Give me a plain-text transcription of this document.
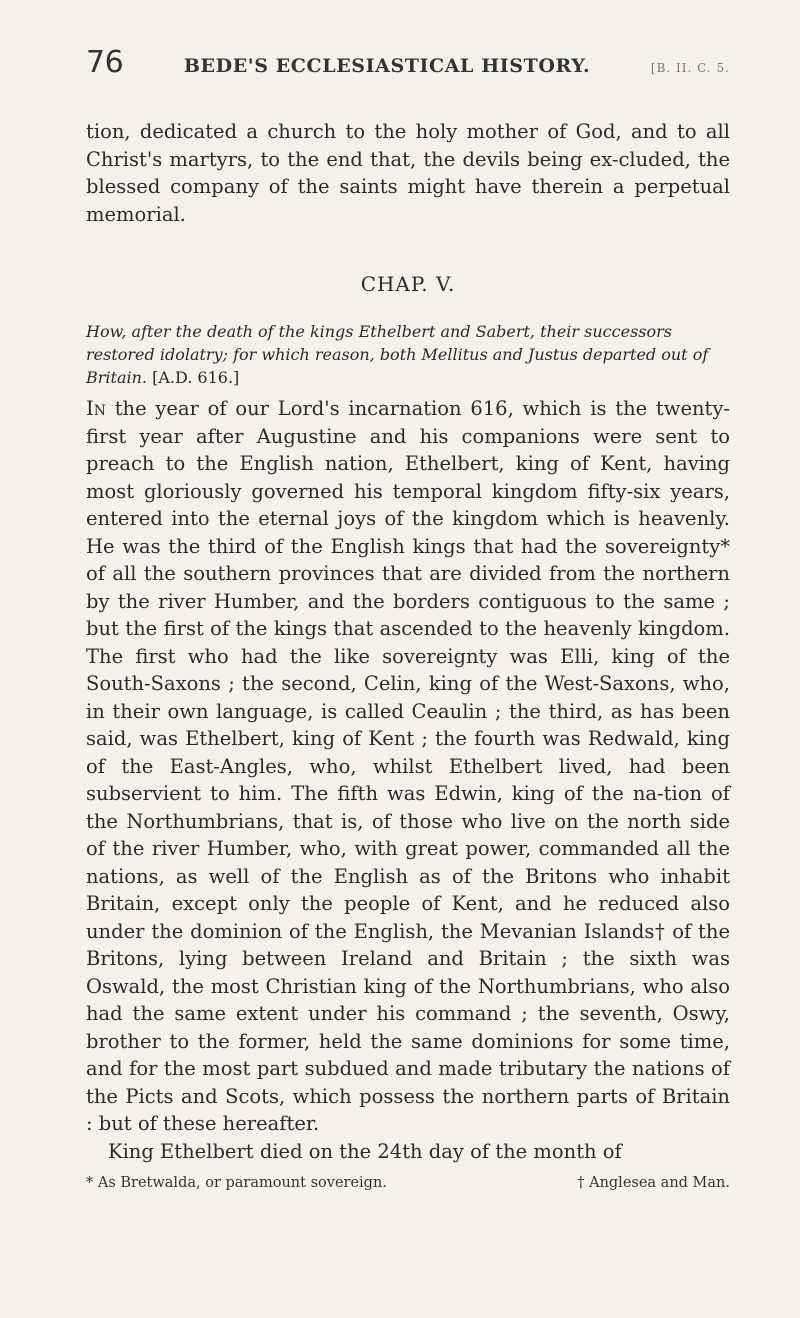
76	BEDE'S ECCLESIASTICAL HISTORY.	[B. II. C. 5.

tion, dedicated a church to the holy mother of God, and to all Christ's martyrs, to the end that, the devils being ex-cluded, the blessed company of the saints might have therein a perpetual memorial.

CHAP. V.

How, after the death of the kings Ethelbert and Sabert, their successors restored idolatry; for which reason, both Mellitus and Justus departed out of Britain. [A.D. 616.]

In the year of our Lord's incarnation 616, which is the twenty-first year after Augustine and his companions were sent to preach to the English nation, Ethelbert, king of Kent, having most gloriously governed his temporal kingdom fifty-six years, entered into the eternal joys of the kingdom which is heavenly. He was the third of the English kings that had the sovereignty* of all the southern provinces that are divided from the northern by the river Humber, and the borders contiguous to the same ; but the first of the kings that ascended to the heavenly kingdom. The first who had the like sovereignty was Elli, king of the South-Saxons ; the second, Celin, king of the West-Saxons, who, in their own language, is called Ceaulin ; the third, as has been said, was Ethelbert, king of Kent ; the fourth was Redwald, king of the East-Angles, who, whilst Ethelbert lived, had been subservient to him. The fifth was Edwin, king of the na-tion of the Northumbrians, that is, of those who live on the north side of the river Humber, who, with great power, commanded all the nations, as well of the English as of the Britons who inhabit Britain, except only the people of Kent, and he reduced also under the dominion of the English, the Mevanian Islands† of the Britons, lying between Ireland and Britain ; the sixth was Oswald, the most Christian king of the Northumbrians, who also had the same extent under his command ; the seventh, Oswy, brother to the former, held the same dominions for some time, and for the most part subdued and made tributary the nations of the Picts and Scots, which possess the northern parts of Britain : but of these hereafter.

King Ethelbert died on the 24th day of the month of

* As Bretwalda, or paramount sovereign.	† Anglesea and Man.
